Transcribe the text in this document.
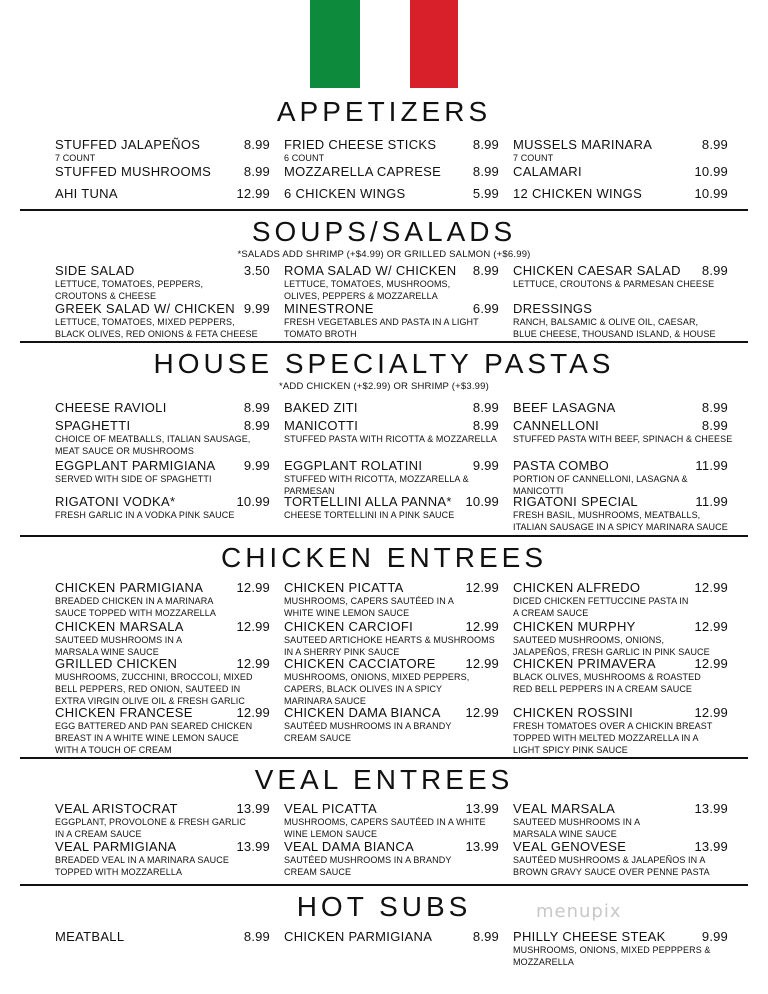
APPETIZERS
STUFFED JALAPEÑOS	8.99
7 COUNT
FRIED CHEESE STICKS	8.99
6 COUNT
MUSSELS MARINARA	8.99
7 COUNT
STUFFED MUSHROOMS	8.99 MOZZARELLA CAPRESE 8.99 CALAMARI	10.99
AHI TUNA	12.99 6 CHICKEN WINGS	5.99 12 CHICKEN WINGS	10.99
SOUPS/SALADS
*SALADS ADD SHRIMP (+$4.99) OR GRILLED SALMON (+$6.99)
SIDE SALAD	3.50
LETTUCE, TOMATOES, PEPPERS,
CROUTONS & CHEESE
ROMA SALAD W/ CHICKEN 8.99
LETTUCE, TOMATOES, MUSHROOMS,
OLIVES, PEPPERS & MOZZARELLA
CHICKEN CAESAR SALAD 8.99
LETTUCE, CROUTONS & PARMESAN CHEESE
GREEK SALAD W/ CHICKEN 9.99
LETTUCE, TOMATOES, MIXED PEPPERS,
BLACK OLIVES, RED ONIONS & FETA CHEESE
MINESTRONE	6.99
FRESH VEGETABLES AND PASTA IN A LIGHT
TOMATO BROTH
DRESSINGS
RANCH, BALSAMIC & OLIVE OIL, CAESAR,
BLUE CHEESE, THOUSAND ISLAND, & HOUSE
HOUSE SPECIALTY PASTAS
*ADD CHICKEN (+$2.99) OR SHRIMP (+$3.99)
CHEESE RAVIOLI	8.99 BAKED ZITI	8.99 BEEF LASAGNA	8.99
SPAGHETTI	8.99
CHOICE OF MEATBALLS, ITALIAN SAUSAGE,
MEAT SAUCE OR MUSHROOMS
MANICOTTI	8.99
STUFFED PASTA WITH RICOTTA & MOZZARELLA
CANNELLONI	8.99
STUFFED PASTA WITH BEEF, SPINACH & CHEESE
EGGPLANT PARMIGIANA 9.99
SERVED WITH SIDE OF SPAGHETTI
EGGPLANT ROLATINI	9.99
STUFFED WITH RICOTTA, MOZZARELLA &
PARMESAN
PASTA COMBO	11.99
PORTION OF CANNELLONI, LASAGNA &
MANICOTTI
RIGATONI VODKA*	10.99
FRESH GARLIC IN A VODKA PINK SAUCE
TORTELLINI ALLA PANNA* 10.99
CHEESE TORTELLINI IN A PINK SAUCE
RIGATONI SPECIAL	11.99
FRESH BASIL, MUSHROOMS, MEATBALLS,
ITALIAN SAUSAGE IN A SPICY MARINARA SAUCE
CHICKEN ENTREES
CHICKEN PARMIGIANA	12.99
BREADED CHICKEN IN A MARINARA
SAUCE TOPPED WITH MOZZARELLA
CHICKEN PICATTA	12.99
MUSHROOMS, CAPERS SAUTÉED IN A
WHITE WINE LEMON SAUCE
CHICKEN ALFREDO	12.99
DICED CHICKEN FETTUCCINE PASTA IN
A CREAM SAUCE
CHICKEN MARSALA	12.99
SAUTEED MUSHROOMS IN A
MARSALA WINE SAUCE
CHICKEN CARCIOFI	12.99
SAUTEED ARTICHOKE HEARTS & MUSHROOMS
IN A SHERRY PINK SAUCE
CHICKEN MURPHY	12.99
SAUTEED MUSHROOMS, ONIONS,
JALAPEÑOS, FRESH GARLIC IN PINK SAUCE
GRILLED CHICKEN	12.99
MUSHROOMS, ZUCCHINI, BROCCOLI, MIXED
BELL PEPPERS, RED ONION, SAUTEED IN
EXTRA VIRGIN OLIVE OIL & FRESH GARLIC
CHICKEN CACCIATORE 12.99
MUSHROOMS, ONIONS, MIXED PEPPERS,
CAPERS, BLACK OLIVES IN A SPICY
MARINARA SAUCE
CHICKEN PRIMAVERA	12.99
BLACK OLIVES, MUSHROOMS & ROASTED
RED BELL PEPPERS IN A CREAM SAUCE
CHICKEN FRANCESE	12.99
EGG BATTERED AND PAN SEARED CHICKEN
BREAST IN A WHITE WINE LEMON SAUCE
WITH A TOUCH OF CREAM
CHICKEN DAMA BIANCA 12.99
SAUTÉED MUSHROOMS IN A BRANDY
CREAM SAUCE
CHICKEN ROSSINI	12.99
FRESH TOMATOES OVER A CHICKIN BREAST
TOPPED WITH MELTED MOZZARELLA IN A
LIGHT SPICY PINK SAUCE
VEAL ENTREES
VEAL ARISTOCRAT	13.99
EGGPLANT, PROVOLONE & FRESH GARLIC
IN A CREAM SAUCE
VEAL PICATTA	13.99
MUSHROOMS, CAPERS SAUTÉED IN A WHITE
WINE LEMON SAUCE
VEAL MARSALA	13.99
SAUTEED MUSHROOMS IN A
MARSALA WINE SAUCE
VEAL PARMIGIANA	13.99
BREADED VEAL IN A MARINARA SAUCE
TOPPED WITH MOZZARELLA
VEAL DAMA BIANCA	13.99
SAUTÉED MUSHROOMS IN A BRANDY
CREAM SAUCE
VEAL GENOVESE	13.99
SAUTÉED MUSHROOMS & JALAPEÑOS IN A
BROWN GRAVY SAUCE OVER PENNE PASTA
HOT SUBS	menupix
MEATBALL	8.99 CHICKEN PARMIGIANA	8.99 PHILLY CHEESE STEAK	9.99
MUSHROOMS, ONIONS, MIXED PEPPPERS &
MOZZARELLA
